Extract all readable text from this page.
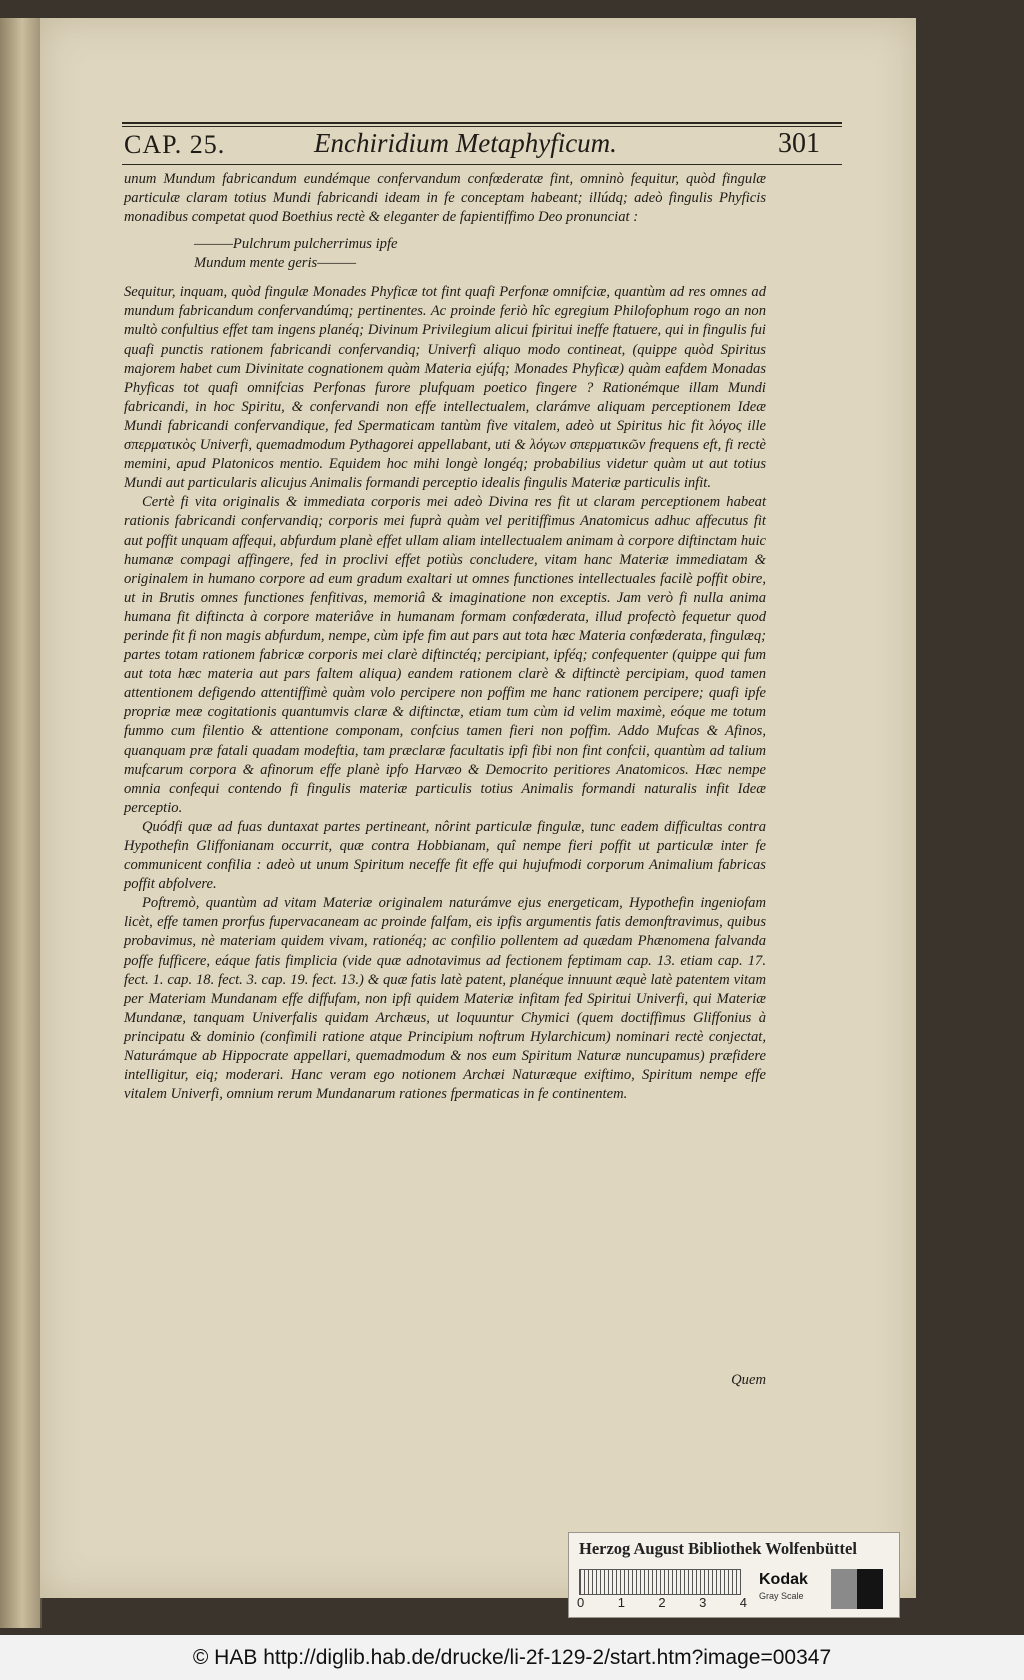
CAP. 25.	Enchiridium Metaphyficum.	301

unum Mundum fabricandum eundémque confervandum confœderatæ fint, omninò fequitur, quòd fingulæ particulæ claram totius Mundi fabricandi ideam in fe conceptam habeant; illúdq; adeò fingulis Phyficis monadibus competat quod Boethius rectè & eleganter de fapientiffimo Deo pronunciat :

———Pulchrum pulcherrimus ipfe
Mundum mente geris———

Sequitur, inquam, quòd fingulæ Monades Phyficæ tot fint quafi Perfonæ omnifciæ, quantùm ad res omnes ad mundum fabricandum confervandúmq; pertinentes. Ac proinde feriò hîc egregium Philofophum rogo an non multò confultius effet tam ingens planéq; Divinum Privilegium alicui fpiritui ineffe ftatuere, qui in fingulis fui quafi punctis rationem fabricandi confervandiq; Univerfi aliquo modo contineat, (quippe quòd Spiritus majorem habet cum Divinitate cognationem quàm Materia ejúfq; Monades Phyficæ) quàm eafdem Monadas Phyficas tot quafi omnifcias Perfonas furore plufquam poetico fingere ? Rationémque illam Mundi fabricandi, in hoc Spiritu, & confervandi non effe intellectualem, clarámve aliquam perceptionem Ideæ Mundi fabricandi confervandique, fed Spermaticam tantùm five vitalem, adeò ut Spiritus hic fit λόγος ille σπερματικὸς Univerfi, quemadmodum Pythagorei appellabant, uti & λόγων σπερματικῶν frequens eft, fi rectè memini, apud Platonicos mentio. Equidem hoc mihi longè longéq; probabilius videtur quàm ut aut totius Mundi aut particularis alicujus Animalis formandi perceptio idealis fingulis Materiæ particulis infit.

Certè fi vita originalis & immediata corporis mei adeò Divina res fit ut claram perceptionem habeat rationis fabricandi confervandiq; corporis mei fuprà quàm vel peritiffimus Anatomicus adhuc affecutus fit aut poffit unquam affequi, abfurdum planè effet ullam aliam intellectualem animam à corpore diftinctam huic humanæ compagi affingere, fed in proclivi effet potiùs concludere, vitam hanc Materiæ immediatam & originalem in humano corpore ad eum gradum exaltari ut omnes functiones intellectuales facilè poffit obire, ut in Brutis omnes functiones fenfitivas, memoriâ & imaginatione non exceptis. Jam verò fi nulla anima humana fit diftincta à corpore materiâve in humanam formam confœderata, illud profectò fequetur quod perinde fit fi non magis abfurdum, nempe, cùm ipfe fim aut pars aut tota hæc Materia confœderata, fingulæq; partes totam rationem fabricæ corporis mei clarè diftinctéq; percipiant, ipféq; confequenter (quippe qui fum aut tota hæc materia aut pars faltem aliqua) eandem rationem clarè & diftinctè percipiam, quod tamen attentionem defigendo attentiffimè quàm volo percipere non poffim me hanc rationem percipere; quafi ipfe propriæ meæ cogitationis quantumvis claræ & diftinctæ, etiam tum cùm id velim maximè, eóque me totum fummo cum filentio & attentione componam, confcius tamen fieri non poffim. Addo Mufcas & Afinos, quanquam præ fatali quadam modeftia, tam præclaræ facultatis ipfi fibi non fint confcii, quantùm ad talium mufcarum corpora & afinorum effe planè ipfo Harvæo & Democrito peritiores Anatomicos. Hæc nempe omnia confequi contendo fi fingulis materiæ particulis totius Animalis formandi naturalis infit Ideæ perceptio.

Quódfi quæ ad fuas duntaxat partes pertineant, nôrint particulæ fingulæ, tunc eadem difficultas contra Hypothefin Gliffonianam occurrit, quæ contra Hobbianam, quî nempe fieri poffit ut particulæ inter fe communicent confilia : adeò ut unum Spiritum neceffe fit effe qui hujufmodi corporum Animalium fabricas poffit abfolvere.

Poftremò, quantùm ad vitam Materiæ originalem naturámve ejus energeticam, Hypothefin ingeniofam licèt, effe tamen prorfus fupervacaneam ac proinde falfam, eis ipfis argumentis fatis demonftravimus, quibus probavimus, nè materiam quidem vivam, rationéq; ac confilio pollentem ad quædam Phænomena falvanda poffe fufficere, eáque fatis fimplicia (vide quæ adnotavimus ad fectionem feptimam cap. 13. etiam cap. 17. fect. 1. cap. 18. fect. 3. cap. 19. fect. 13.) & quæ fatis latè patent, planéque innuunt æquè latè patentem vitam per Materiam Mundanam effe diffufam, non ipfi quidem Materiæ infitam fed Spiritui Univerfi, qui Materiæ Mundanæ, tanquam Univerfalis quidam Archæus, ut loquuntur Chymici (quem doctiffimus Gliffonius à principatu & dominio (confimili ratione atque Principium noftrum Hylarchicum) nominari rectè conjectat, Naturámque ab Hippocrate appellari, quemadmodum & nos eum Spiritum Naturæ nuncupamus) præfidere intelligitur, eiq; moderari. Hanc veram ego notionem Archæi Naturæque exiftimo, Spiritum nempe effe vitalem Univerfi, omnium rerum Mundanarum rationes fpermaticas in fe continentem.

Quem
Herzog August Bibliothek Wolfenbüttel
0	1	2	3	4
Kodak
Gray Scale
© HAB http://diglib.hab.de/drucke/li-2f-129-2/start.htm?image=00347
